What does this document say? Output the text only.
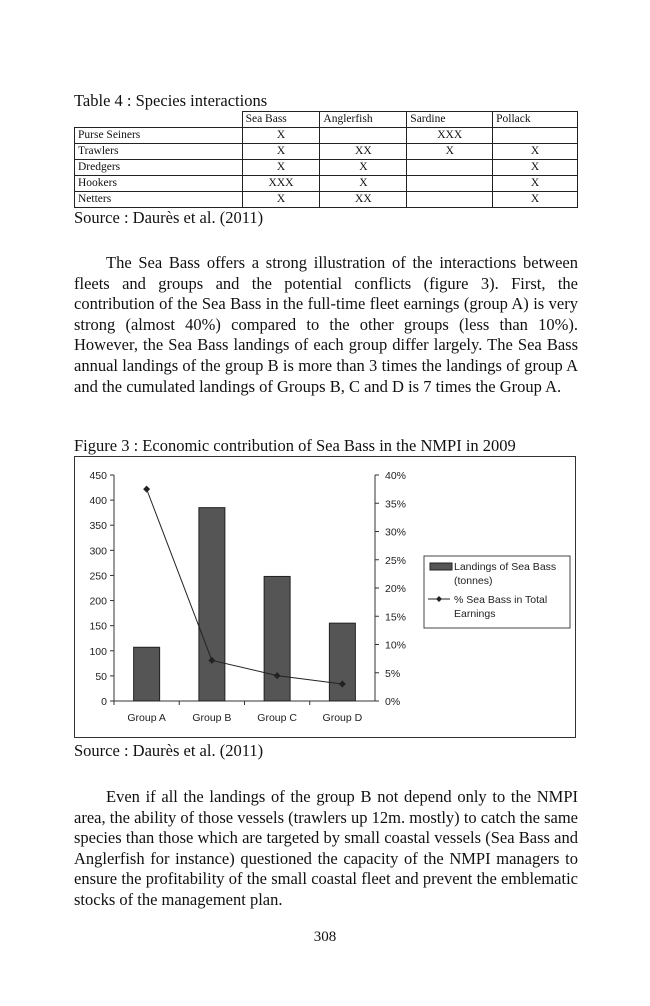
Table 4 : Species interactions
	Sea Bass	Anglerfish	Sardine	Pollack
Purse Seiners	X		XXX	
Trawlers	X	XX	X	X
Dredgers	X	X		X
Hookers	XXX	X		X
Netters	X	XX		X
Source : Daurès et al. (2011)

The Sea Bass offers a strong illustration of the interactions between fleets and groups and the potential conflicts (figure 3). First, the contribution of the Sea Bass in the full-time fleet earnings (group A) is very strong (almost 40%) compared to the other groups (less than 10%). However, the Sea Bass landings of each group differ largely. The Sea Bass annual landings of the group B is more than 3 times the landings of group A and the cumulated landings of Groups B, C and D is 7 times the Group A.

Figure 3 : Economic contribution of Sea Bass in the NMPI in 2009
0
50
100
150
200
250
300
350
400
450
0%
5%
10%
15%
20%
25%
30%
35%
40%
Group A	Group B Group C Group D
Landings of Sea Bass
(tonnes)
% Sea Bass in Total
Earnings
Source : Daurès et al. (2011)

Even if all the landings of the group B not depend only to the NMPI area, the ability of those vessels (trawlers up 12m. mostly) to catch the same species than those which are targeted by small coastal vessels (Sea Bass and Anglerfish for instance) questioned the capacity of the NMPI managers to ensure the profitability of the small coastal fleet and prevent the emblematic stocks of the management plan.

308
